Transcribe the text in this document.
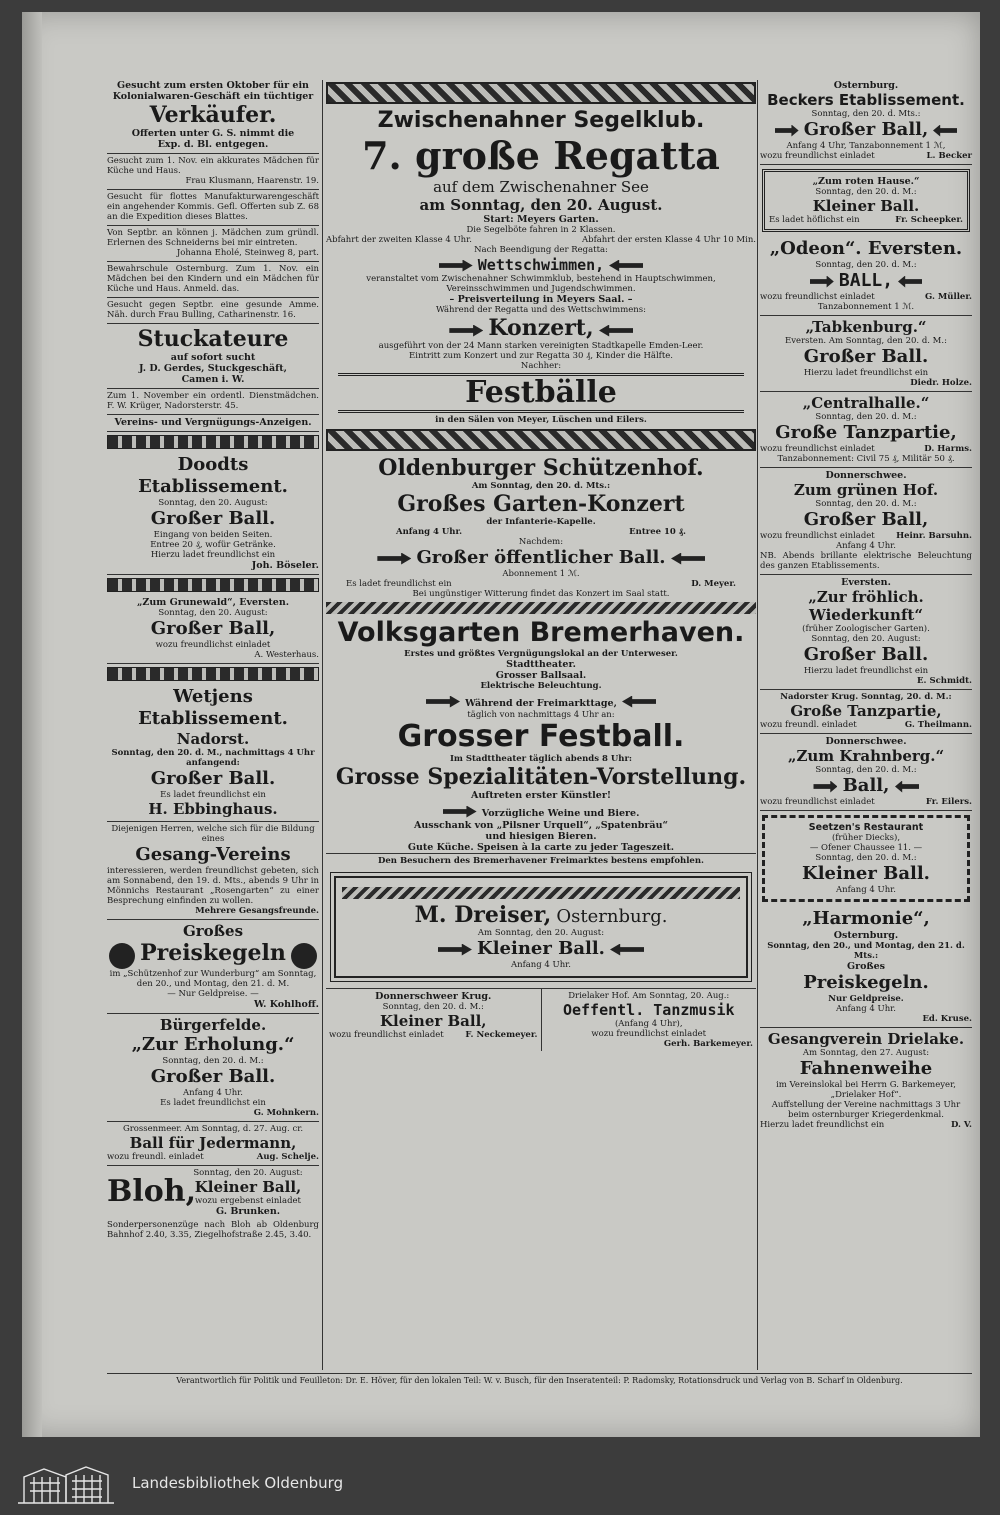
Gesucht zum ersten Oktober für ein
Kolonialwaren-Geschäft ein tüchtiger
Verkäufer.
Offerten unter G. S. nimmt die
Exp. d. Bl. entgegen.
Gesucht zum 1. Nov. ein akkurates Mädchen für Küche und Haus.
Frau Klusmann, Haarenstr. 19.
Gesucht für flottes Manufakturwarengeschäft ein angehender Kommis. Gefl. Offerten sub Z. 68 an die Expedition dieses Blattes.
Von Septbr. an können j. Mädchen zum gründl. Erlernen des Schneiderns bei mir eintreten.
Johanna Eholé, Steinweg 8, part.
Bewahrschule Osternburg. Zum 1. Nov. ein Mädchen bei den Kindern und ein Mädchen für Küche und Haus. Anmeld. das.
Gesucht gegen Septbr. eine gesunde Amme. Näh. durch Frau Bulling, Catharinenstr. 16.
Stuckateure
auf sofort sucht
J. D. Gerdes, Stuckgeschäft,
Camen i. W.
Zum 1. November ein ordentl. Dienstmädchen. F. W. Krüger, Nadorsterstr. 45.
Vereins- und Vergnügungs-Anzeigen.
Doodts Etablissement.
Sonntag, den 20. August:
Großer Ball.
Eingang von beiden Seiten.
Entree 20 ₰, wofür Getränke.
Hierzu ladet freundlichst ein
Joh. Böseler.
„Zum Grunewald“, Eversten.
Sonntag, den 20. August:
Großer Ball,
wozu freundlichst einladet
A. Westerhaus.
Wetjens Etablissement.
Nadorst.
Sonntag, den 20. d. M., nachmittags 4 Uhr anfangend:
Großer Ball.
Es ladet freundlichst ein
H. Ebbinghaus.
Diejenigen Herren, welche sich für die Bildung eines
Gesang-Vereins
interessieren, werden freundlichst gebeten, sich am Sonnabend, den 19. d. Mts., abends 9 Uhr in Mönnichs Restaurant „Rosengarten“ zu einer Besprechung einfinden zu wollen.
Mehrere Gesangsfreunde.
Großes
Preiskegeln
im „Schützenhof zur Wunderburg“ am Sonntag, den 20., und Montag, den 21. d. M.
— Nur Geldpreise. —
W. Kohlhoff.
Bürgerfelde.
„Zur Erholung.“
Sonntag, den 20. d. M.:
Großer Ball.
Anfang 4 Uhr.
Es ladet freundlichst ein
G. Mohnkern.
Grossenmeer. Am Sonntag, d. 27. Aug. cr.
Ball für Jedermann,
wozu freundl. einladet	Aug. Schelje.
Bloh,
Sonntag, den 20. August:
Kleiner Ball,
wozu ergebenst einladet
G. Brunken.
Sonderpersonenzüge nach Bloh ab Oldenburg Bahnhof 2.40, 3.35, Ziegelhofstraße 2.45, 3.40.
Zwischenahner Segelklub.
7. große Regatta
auf dem Zwischenahner See
am Sonntag, den 20. August.
Start: Meyers Garten.
Die Segelböte fahren in 2 Klassen.
Abfahrt der zweiten Klasse 4 Uhr.	Abfahrt der ersten Klasse 4 Uhr 10 Min.
Nach Beendigung der Regatta:
Wettschwimmen,
veranstaltet vom Zwischenahner Schwimmklub, bestehend in Hauptschwimmen, Vereinsschwimmen und Jugendschwimmen.
– Preisverteilung in Meyers Saal. –
Während der Regatta und des Wettschwimmens:
Konzert,
ausgeführt von der 24 Mann starken vereinigten Stadtkapelle Emden-Leer.
Eintritt zum Konzert und zur Regatta 30 ₰, Kinder die Hälfte.
Nachher:
Festbälle
in den Sälen von Meyer, Lüschen und Eilers.
Oldenburger Schützenhof.
Am Sonntag, den 20. d. Mts.:
Großes Garten-Konzert
der Infanterie-Kapelle.
Anfang 4 Uhr.	Entree 10 ₰.
Nachdem:
Großer öffentlicher Ball.
Abonnement 1 ℳ.
Es ladet freundlichst ein	D. Meyer.
Bei ungünstiger Witterung findet das Konzert im Saal statt.
Volksgarten Bremerhaven.
Erstes und größtes Vergnügungslokal an der Unterweser.
Stadttheater.
Grosser Ballsaal.
Elektrische Beleuchtung.
Während der Freimarkttage,
täglich von nachmittags 4 Uhr an:
Grosser Festball.
Im Stadttheater täglich abends 8 Uhr:
Grosse Spezialitäten-Vorstellung.
Auftreten erster Künstler!
Vorzügliche Weine und Biere.
Ausschank von „Pilsner Urquell“, „Spatenbräu“
und hiesigen Bieren.
Gute Küche. Speisen à la carte zu jeder Tageszeit.
Den Besuchern des Bremerhavener Freimarktes bestens empfohlen.
M. Dreiser, Osternburg.
Am Sonntag, den 20. August:
Kleiner Ball.
Anfang 4 Uhr.
Donnerschweer Krug.
Sonntag, den 20. d. M.:
Kleiner Ball,
wozu freundlichst einladet	F. Neckemeyer.
Drielaker Hof. Am Sonntag, 20. Aug.:
Oeffentl. Tanzmusik
(Anfang 4 Uhr),
wozu freundlichst einladet
Gerh. Barkemeyer.
Osternburg.
Beckers Etablissement.
Sonntag, den 20. d. Mts.:
Großer Ball,
Anfang 4 Uhr, Tanzabonnement 1 ℳ,
wozu freundlichst einladet	L. Becker
„Zum roten Hause.“
Sonntag, den 20. d. M.:
Kleiner Ball.
Es ladet höflichst ein	Fr. Scheepker.
„Odeon“. Eversten.
Sonntag, den 20. d. M.:
BALL,
wozu freundlichst einladet	G. Müller.
Tanzabonnement 1 ℳ.
„Tabkenburg.“
Eversten. Am Sonntag, den 20. d. M.:
Großer Ball.
Hierzu ladet freundlichst ein
Diedr. Holze.
„Centralhalle.“
Sonntag, den 20. d. M.:
Große Tanzpartie,
wozu freundlichst einladet	D. Harms.
Tanzabonnement: Civil 75 ₰, Militär 50 ₰.
Donnerschwee.
Zum grünen Hof.
Sonntag, den 20. d. M.:
Großer Ball,
wozu freundlichst einladet	Heinr. Barsuhn.
Anfang 4 Uhr.
NB. Abends brillante elektrische Beleuchtung des ganzen Etablissements.
Eversten.
„Zur fröhlich. Wiederkunft“
(früher Zoologischer Garten).
Sonntag, den 20. August:
Großer Ball.
Hierzu ladet freundlichst ein
E. Schmidt.
Nadorster Krug. Sonntag, 20. d. M.:
Große Tanzpartie,
wozu freundl. einladet	G. Theilmann.
Donnerschwee.
„Zum Krahnberg.“
Sonntag, den 20. d. M.:
Ball,
wozu freundlichst einladet	Fr. Eilers.
Seetzen's Restaurant
(früher Diecks),
— Ofener Chaussee 11. —
Sonntag, den 20. d. M.:
Kleiner Ball.
Anfang 4 Uhr.
„Harmonie“,
Osternburg.
Sonntag, den 20., und Montag, den 21. d. Mts.:
Großes
Preiskegeln.
Nur Geldpreise.
Anfang 4 Uhr.
Ed. Kruse.
Gesangverein Drielake.
Am Sonntag, den 27. August:
Fahnenweihe
im Vereinslokal bei Herrn G. Barkemeyer, „Drielaker Hof“.
Auffstellung der Vereine nachmittags 3 Uhr beim osternburger Kriegerdenkmal.
Hierzu ladet freundlichst ein	D. V.
Verantwortlich für Politik und Feuilleton: Dr. E. Höver, für den lokalen Teil: W. v. Busch, für den Inseratenteil: P. Radomsky, Rotationsdruck und Verlag von B. Scharf in Oldenburg.
Landesbibliothek Oldenburg
